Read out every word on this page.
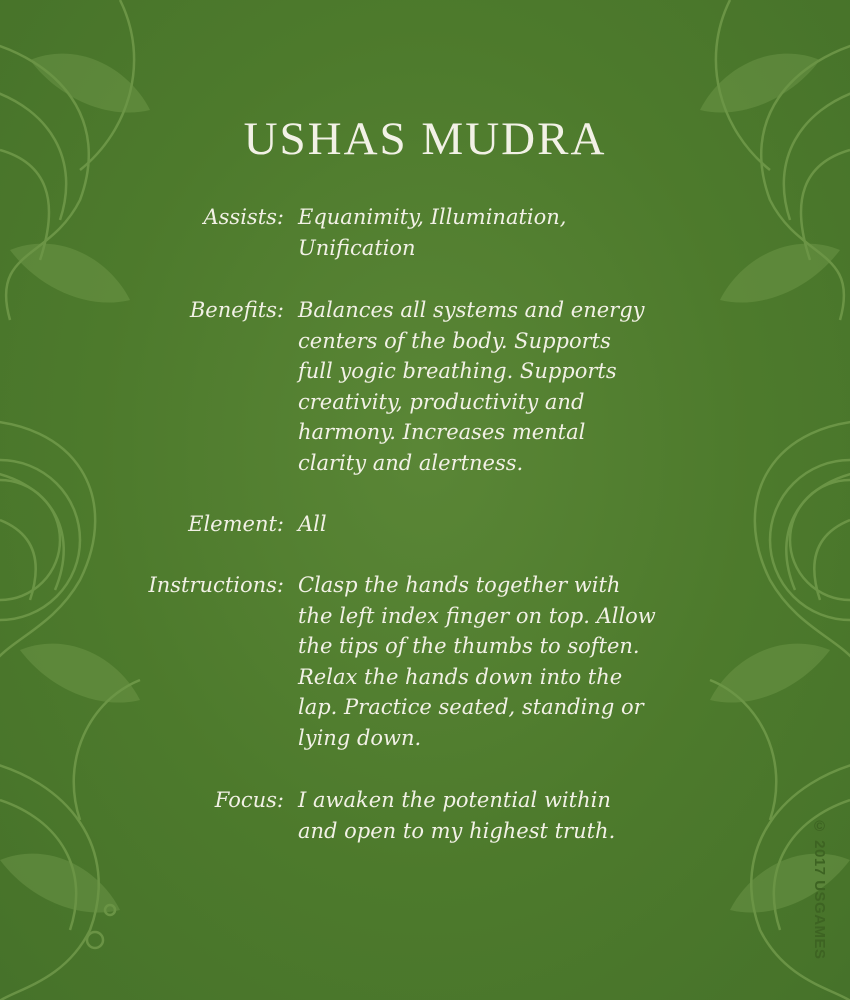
USHAS MUDRA
Assists: Equanimity, Illumination,
Unification
Benefits: Balances all systems and energy
centers of the body. Supports
full yogic breathing. Supports
creativity, productivity and
harmony. Increases mental
clarity and alertness.
Element: All
Instructions: Clasp the hands together with
the left index finger on top. Allow
the tips of the thumbs to soften.
Relax the hands down into the
lap. Practice seated, standing or
lying down.
Focus: I awaken the potential within
and open to my highest truth.	© 2017 USGAMES
